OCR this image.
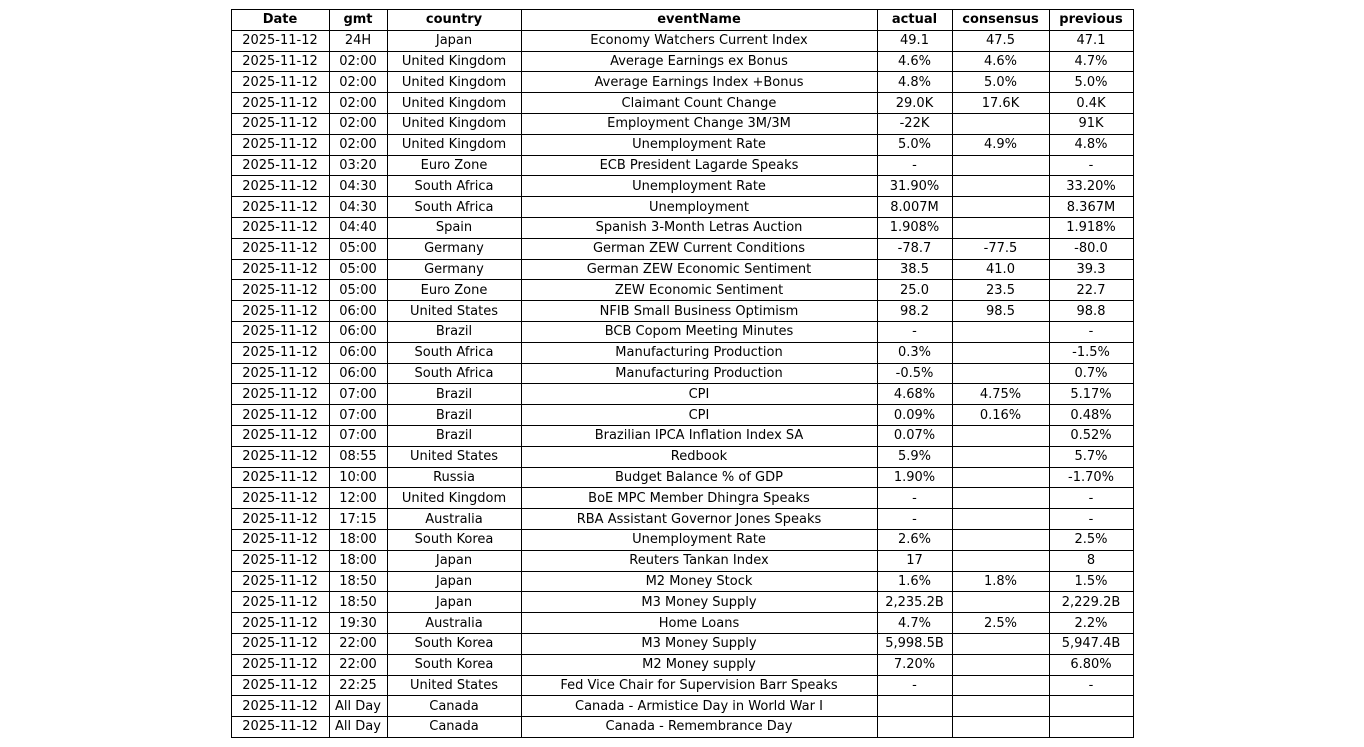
Date	gmt	country	eventName	actual	consensus	previous
2025-11-12	24H	Japan	Economy Watchers Current Index	49.1	47.5	47.1
2025-11-12	02:00	United Kingdom	Average Earnings ex Bonus	4.6%	4.6%	4.7%
2025-11-12	02:00	United Kingdom	Average Earnings Index +Bonus	4.8%	5.0%	5.0%
2025-11-12	02:00	United Kingdom	Claimant Count Change	29.0K	17.6K	0.4K
2025-11-12	02:00	United Kingdom	Employment Change 3M/3M	-22K		91K
2025-11-12	02:00	United Kingdom	Unemployment Rate	5.0%	4.9%	4.8%
2025-11-12	03:20	Euro Zone	ECB President Lagarde Speaks	-		-
2025-11-12	04:30	South Africa	Unemployment Rate	31.90%		33.20%
2025-11-12	04:30	South Africa	Unemployment	8.007M		8.367M
2025-11-12	04:40	Spain	Spanish 3-Month Letras Auction	1.908%		1.918%
2025-11-12	05:00	Germany	German ZEW Current Conditions	-78.7	-77.5	-80.0
2025-11-12	05:00	Germany	German ZEW Economic Sentiment	38.5	41.0	39.3
2025-11-12	05:00	Euro Zone	ZEW Economic Sentiment	25.0	23.5	22.7
2025-11-12	06:00	United States	NFIB Small Business Optimism	98.2	98.5	98.8
2025-11-12	06:00	Brazil	BCB Copom Meeting Minutes	-		-
2025-11-12	06:00	South Africa	Manufacturing Production	0.3%		-1.5%
2025-11-12	06:00	South Africa	Manufacturing Production	-0.5%		0.7%
2025-11-12	07:00	Brazil	CPI	4.68%	4.75%	5.17%
2025-11-12	07:00	Brazil	CPI	0.09%	0.16%	0.48%
2025-11-12	07:00	Brazil	Brazilian IPCA Inflation Index SA	0.07%		0.52%
2025-11-12	08:55	United States	Redbook	5.9%		5.7%
2025-11-12	10:00	Russia	Budget Balance % of GDP	1.90%		-1.70%
2025-11-12	12:00	United Kingdom	BoE MPC Member Dhingra Speaks	-		-
2025-11-12	17:15	Australia	RBA Assistant Governor Jones Speaks	-		-
2025-11-12	18:00	South Korea	Unemployment Rate	2.6%		2.5%
2025-11-12	18:00	Japan	Reuters Tankan Index	17		8
2025-11-12	18:50	Japan	M2 Money Stock	1.6%	1.8%	1.5%
2025-11-12	18:50	Japan	M3 Money Supply	2,235.2B		2,229.2B
2025-11-12	19:30	Australia	Home Loans	4.7%	2.5%	2.2%
2025-11-12	22:00	South Korea	M3 Money Supply	5,998.5B		5,947.4B
2025-11-12	22:00	South Korea	M2 Money supply	7.20%		6.80%
2025-11-12	22:25	United States	Fed Vice Chair for Supervision Barr Speaks	-		-
2025-11-12	All Day	Canada	Canada - Armistice Day in World War I			
2025-11-12	All Day	Canada	Canada - Remembrance Day			
